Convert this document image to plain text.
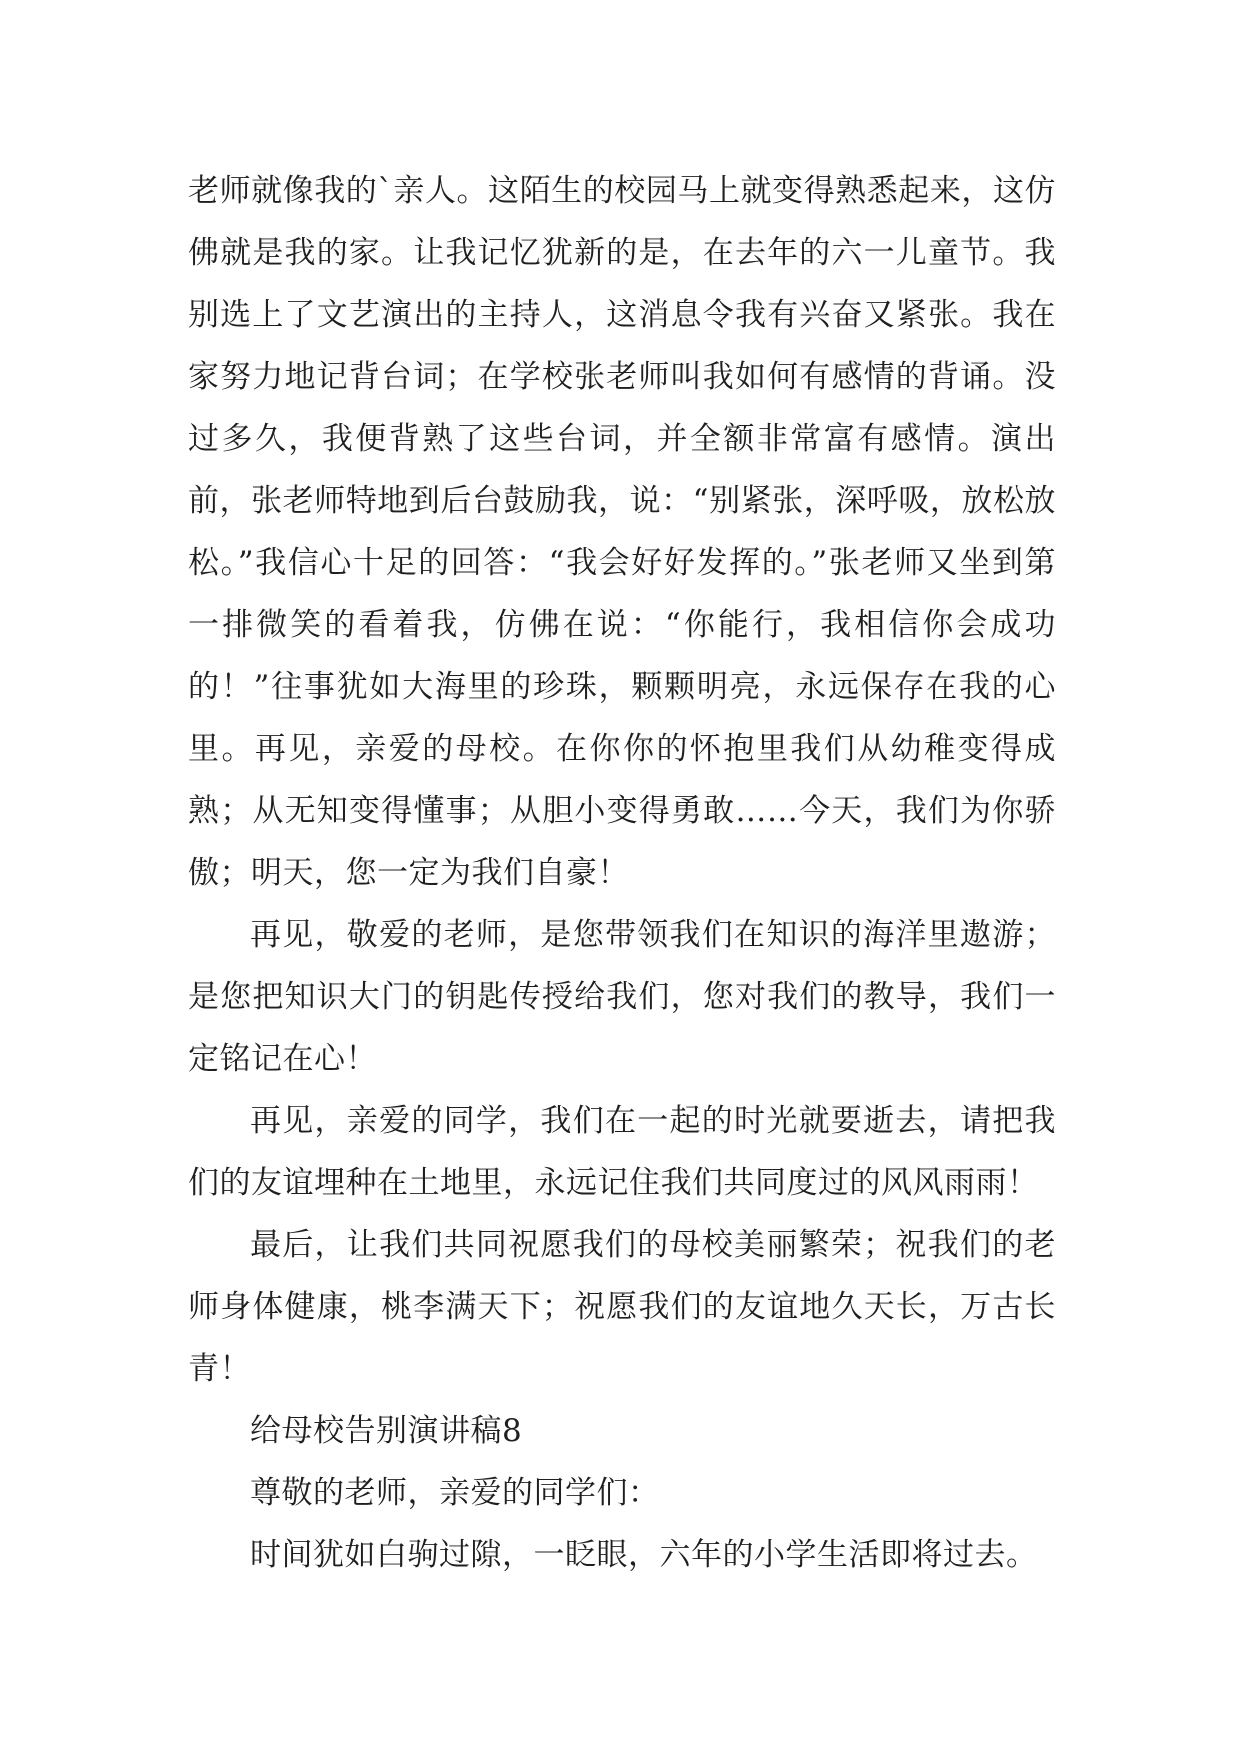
老师就像我的`亲人。这陌生的校园马上就变得熟悉起来，这仿佛就是我的家。让我记忆犹新的是，在去年的六一儿童节。我别选上了文艺演出的主持人，这消息令我有兴奋又紧张。我在家努力地记背台词；在学校张老师叫我如何有感情的背诵。没过多久，我便背熟了这些台词，并全额非常富有感情。演出前，张老师特地到后台鼓励我，说：“别紧张，深呼吸，放松放松。”我信心十足的回答：“我会好好发挥的。”张老师又坐到第一排微笑的看着我，仿佛在说：“你能行，我相信你会成功的！”往事犹如大海里的珍珠，颗颗明亮，永远保存在我的心里。再见，亲爱的母校。在你你的怀抱里我们从幼稚变得成熟；从无知变得懂事；从胆小变得勇敢……今天，我们为你骄傲；明天，您一定为我们自豪！

再见，敬爱的老师，是您带领我们在知识的海洋里遨游；是您把知识大门的钥匙传授给我们，您对我们的教导，我们一定铭记在心！

再见，亲爱的同学，我们在一起的时光就要逝去，请把我们的友谊埋种在土地里，永远记住我们共同度过的风风雨雨！

最后，让我们共同祝愿我们的母校美丽繁荣；祝我们的老师身体健康，桃李满天下；祝愿我们的友谊地久天长，万古长青！

给母校告别演讲稿8

尊敬的老师，亲爱的同学们：

时间犹如白驹过隙，一眨眼，六年的小学生活即将过去。
